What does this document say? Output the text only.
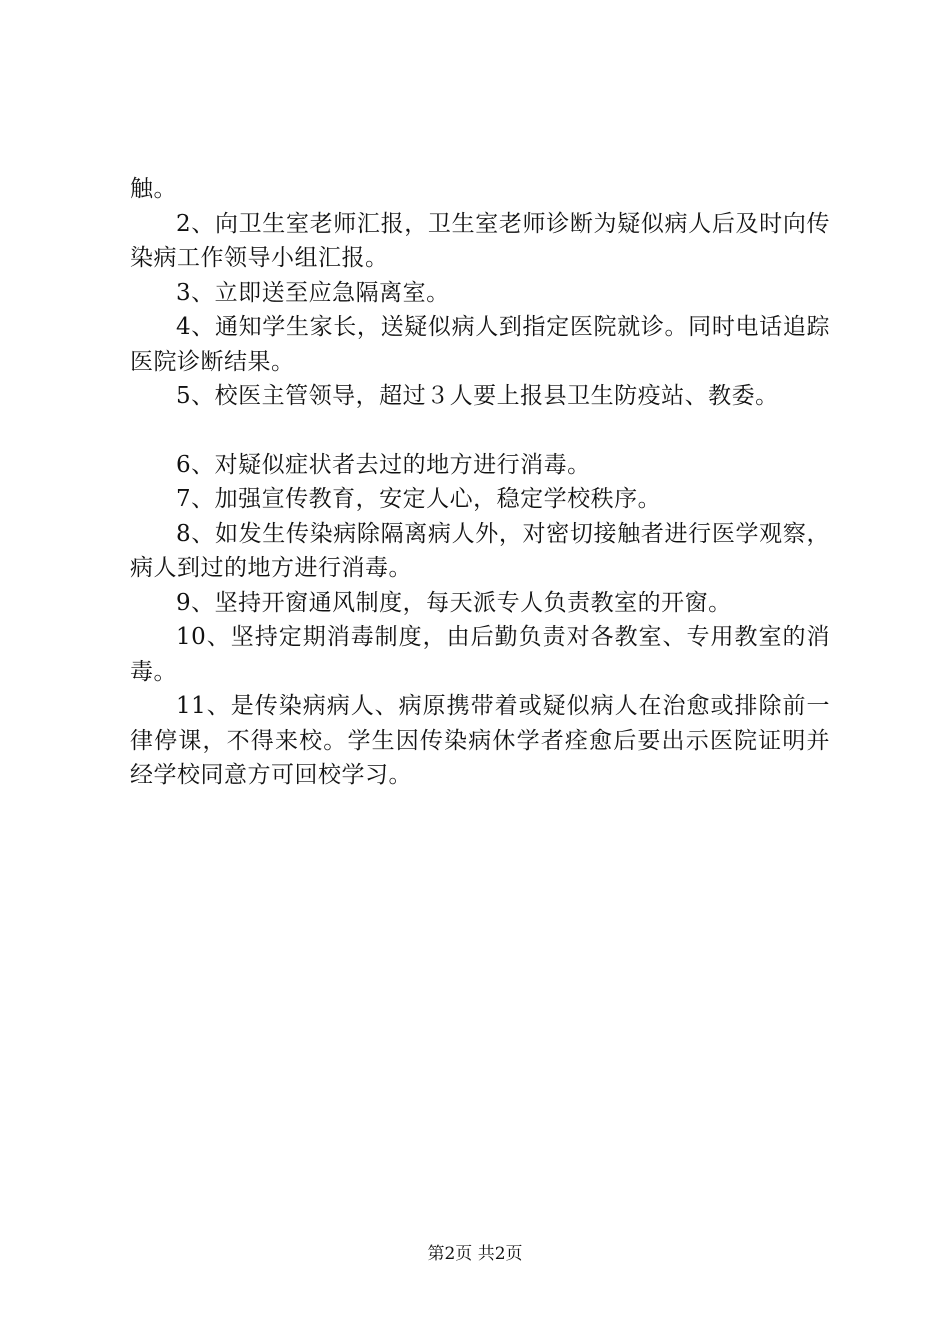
触。

2、向卫生室老师汇报，卫生室老师诊断为疑似病人后及时向传染病工作领导小组汇报。

3、立即送至应急隔离室。

4、通知学生家长，送疑似病人到指定医院就诊。同时电话追踪医院诊断结果。

5、校医主管领导，超过３人要上报县卫生防疫站、教委。

6、对疑似症状者去过的地方进行消毒。

7、加强宣传教育，安定人心，稳定学校秩序。

8、如发生传染病除隔离病人外，对密切接触者进行医学观察，病人到过的地方进行消毒。

9、坚持开窗通风制度，每天派专人负责教室的开窗。

10、坚持定期消毒制度，由后勤负责对各教室、专用教室的消毒。

11、是传染病病人、病原携带着或疑似病人在治愈或排除前一律停课，不得来校。学生因传染病休学者痊愈后要出示医院证明并经学校同意方可回校学习。

第2页 共2页
